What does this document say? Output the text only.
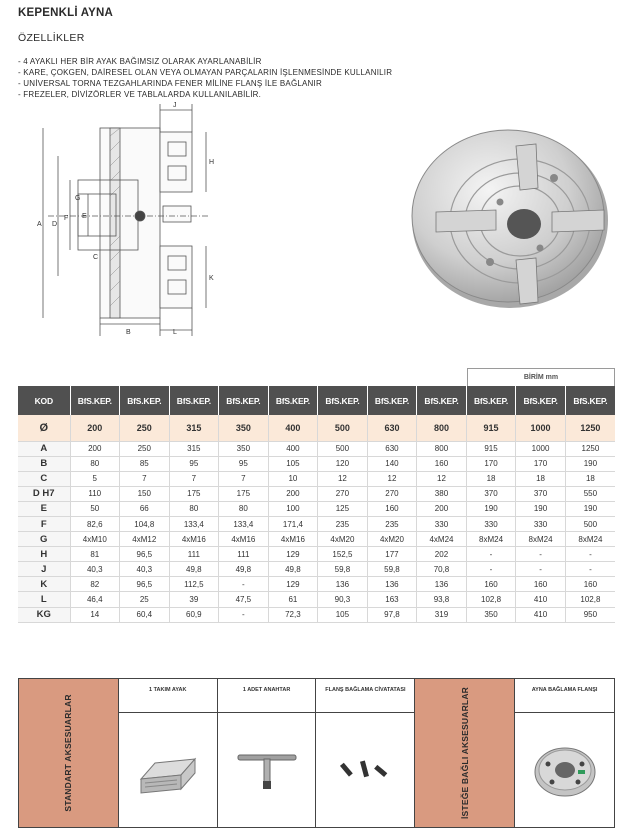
KEPENKLİ AYNA
ÖZELLİKLER
- 4 AYAKLI HER BİR AYAK BAĞIMSIZ OLARAK AYARLANABİLİR
- KARE, ÇOKGEN, DAİRESEL OLAN VEYA OLMAYAN PARÇALARIN İŞLENMESİNDE KULLANILIR
- UNİVERSAL TORNA TEZGAHLARINDA FENER MİLİNE FLANŞ İLE BAĞLANIR
- FREZELER, DİVİZÖRLER VE TABLALARDA KULLANILABİLİR.
J
H
G
A D
F E
C
K
B	L
BİRİM mm
KOD	BfS.KEP.	BfS.KEP.	BfS.KEP.	BfS.KEP.	BfS.KEP.	BfS.KEP.	BfS.KEP.	BfS.KEP.	BfS.KEP.	BfS.KEP.	BfS.KEP.
Ø	200	250	315	350	400	500	630	800	915	1000	1250
A	200	250	315	350	400	500	630	800	915	1000	1250
B	80	85	95	95	105	120	140	160	170	170	190
C	5	7	7	7	10	12	12	12	18	18	18
D H7	110	150	175	175	200	270	270	380	370	370	550
E	50	66	80	80	100	125	160	200	190	190	190
F	82,6	104,8	133,4	133,4	171,4	235	235	330	330	330	500
G	4xM10	4xM12	4xM16	4xM16	4xM16	4xM20	4xM20	4xM24	8xM24	8xM24	8xM24
H	81	96,5	111	111	129	152,5	177	202	-	-	-
J	40,3	40,3	49,8	49,8	49,8	59,8	59,8	70,8	-	-	-
K	82	96,5	112,5	-	129	136	136	136	160	160	160
L	46,4	25	39	47,5	61	90,3	163	93,8	102,8	410	102,8
KG	14	60,4	60,9	-	72,3	105	97,8	319	350	410	950
STANDART AKSESUARLAR
1 TAKIM AYAK	1 ADET ANAHTAR	FLANŞ BAĞLAMA CİVATATASI	İSTEĞE BAĞLI AKSESUARLAR	AYNA BAĞLAMA FLANŞI
